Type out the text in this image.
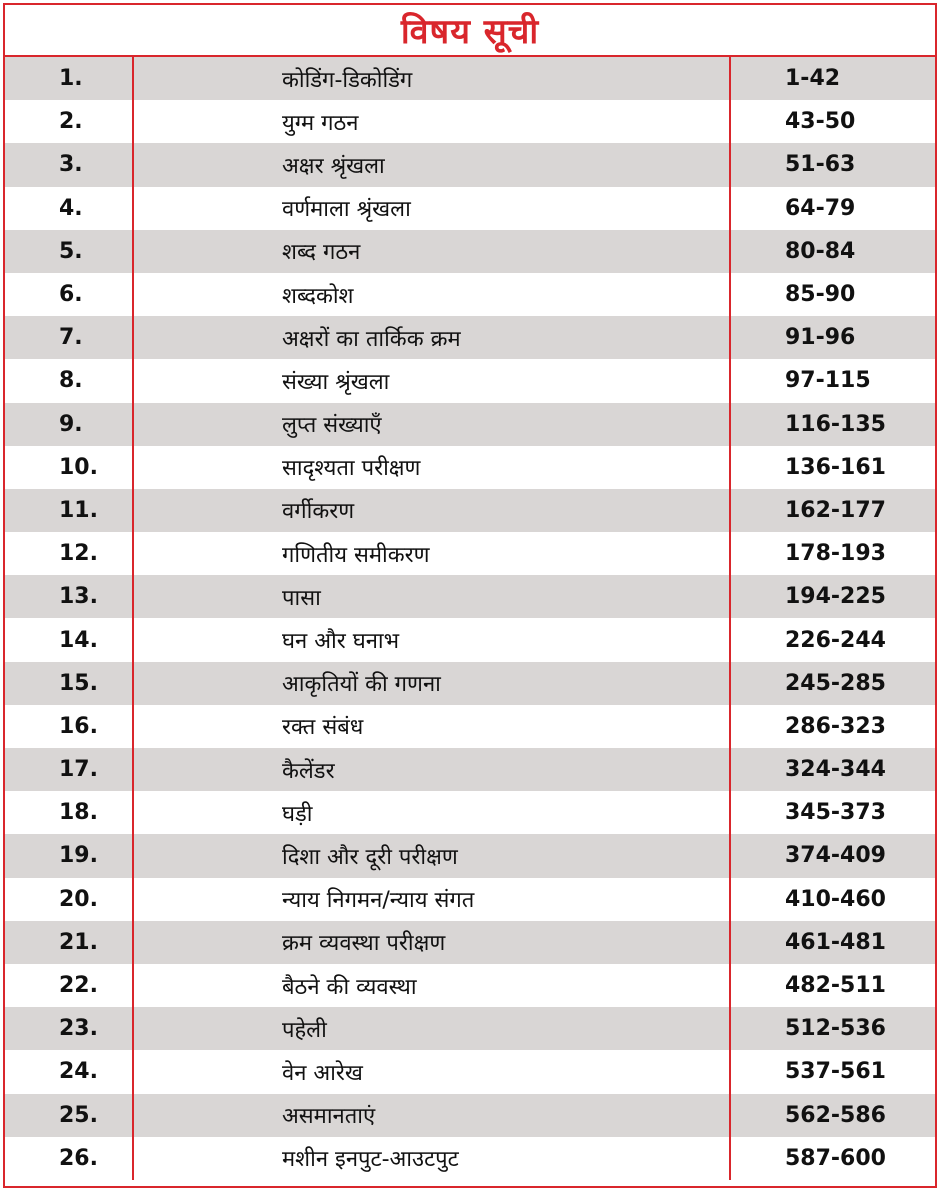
विषय सूची
1.	कोडिंग-डिकोडिंग	1-42
2.	युग्म गठन	43-50
3.	अक्षर श्रृंखला	51-63
4.	वर्णमाला श्रृंखला	64-79
5.	शब्द गठन	80-84
6.	शब्दकोश	85-90
7.	अक्षरों का तार्किक क्रम	91-96
8.	संख्या श्रृंखला	97-115
9.	लुप्त संख्याएँ	116-135
10.	सादृश्यता परीक्षण	136-161
11.	वर्गीकरण	162-177
12.	गणितीय समीकरण	178-193
13.	पासा	194-225
14.	घन और घनाभ	226-244
15.	आकृतियों की गणना	245-285
16.	रक्त संबंध	286-323
17.	कैलेंडर	324-344
18.	घड़ी	345-373
19.	दिशा और दूरी परीक्षण	374-409
20.	न्याय निगमन/न्याय संगत	410-460
21.	क्रम व्यवस्था परीक्षण	461-481
22.	बैठने की व्यवस्था	482-511
23.	पहेली	512-536
24.	वेन आरेख	537-561
25.	असमानताएं	562-586
26.	मशीन इनपुट-आउटपुट	587-600
